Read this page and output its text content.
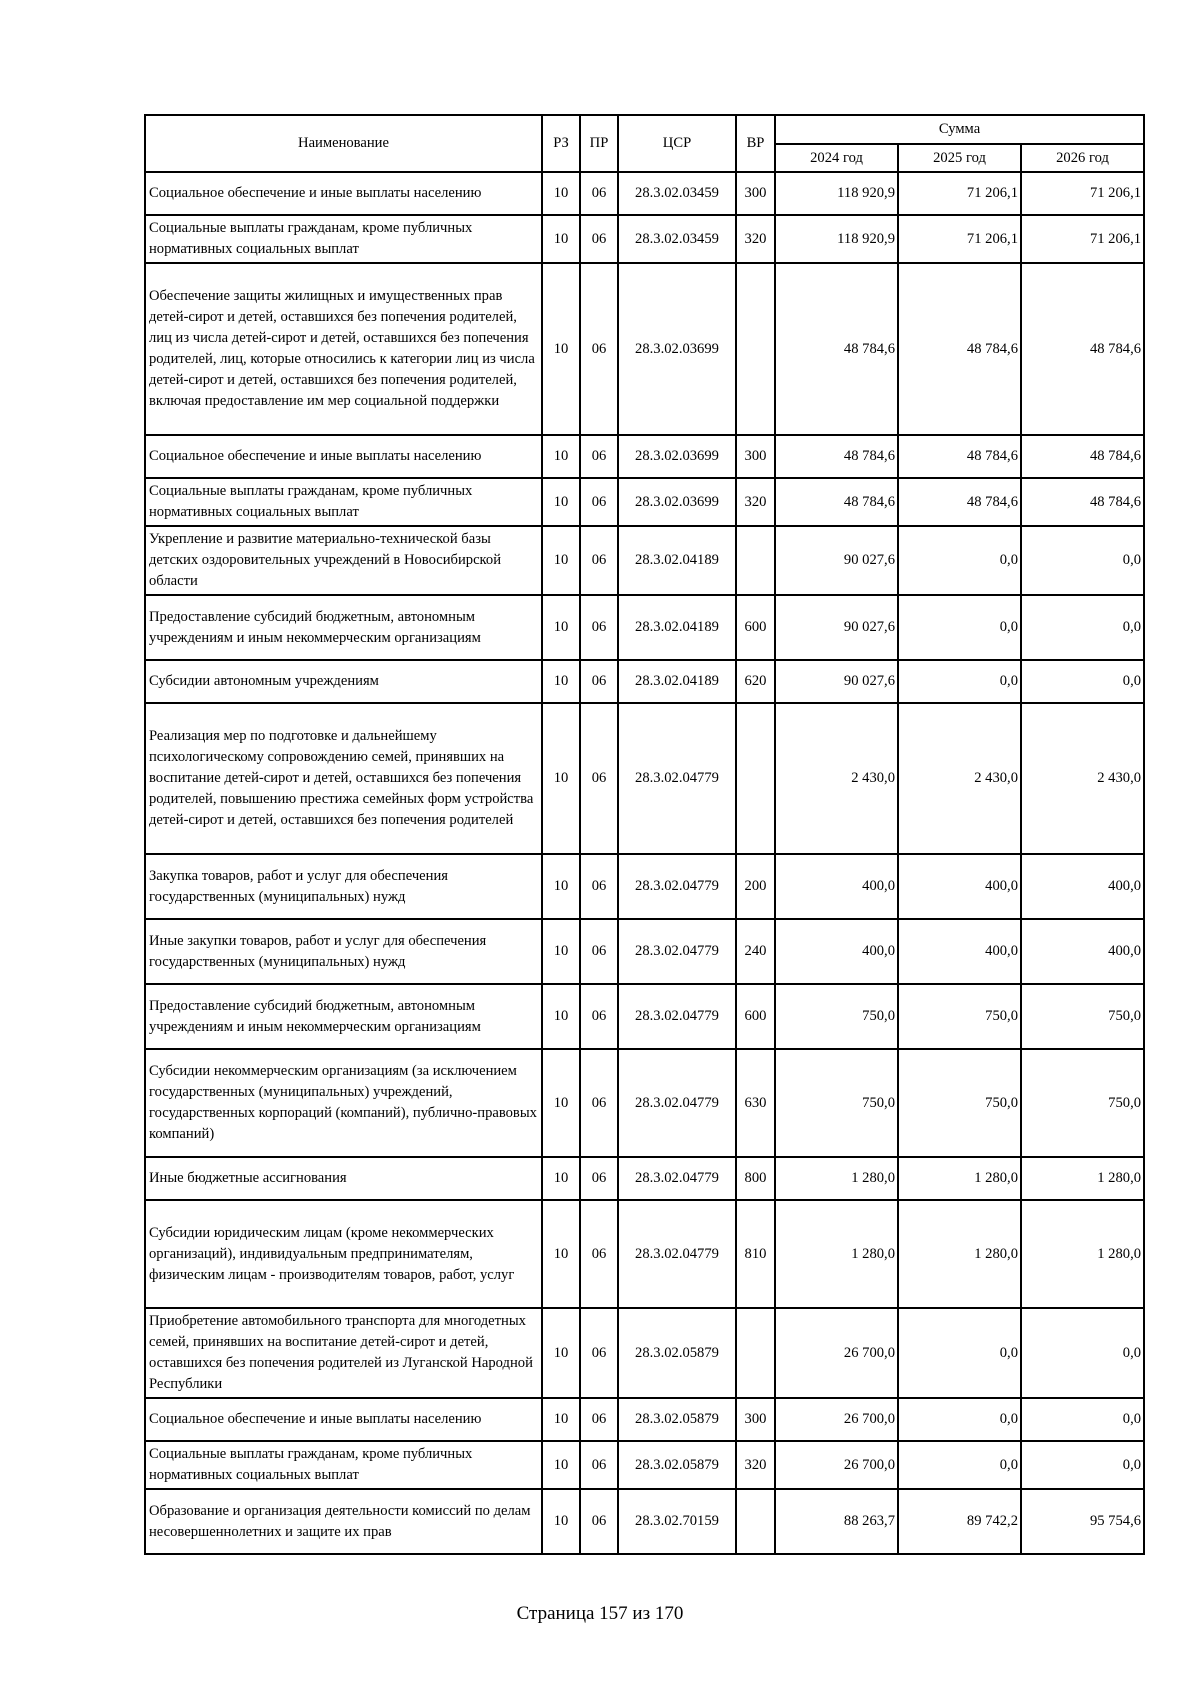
Наименование	РЗ	ПР	ЦСР	ВР	Сумма		
					2024 год	2025 год	2026 год
Социальное обеспечение и иные выплаты населению	10	06	28.3.02.03459	300	118 920,9	71 206,1	71 206,1
Социальные выплаты гражданам, кроме публичных нормативных социальных выплат	10	06	28.3.02.03459	320	118 920,9	71 206,1	71 206,1
Обеспечение защиты жилищных и имущественных прав детей-сирот и детей, оставшихся без попечения родителей, лиц из числа детей-сирот и детей, оставшихся без попечения родителей, лиц, которые относились к категории лиц из числа детей-сирот и детей, оставшихся без попечения родителей, включая предоставление им мер социальной поддержки	10	06	28.3.02.03699		48 784,6	48 784,6	48 784,6
Социальное обеспечение и иные выплаты населению	10	06	28.3.02.03699	300	48 784,6	48 784,6	48 784,6
Социальные выплаты гражданам, кроме публичных нормативных социальных выплат	10	06	28.3.02.03699	320	48 784,6	48 784,6	48 784,6
Укрепление и развитие материально-технической базы детских оздоровительных учреждений в Новосибирской области	10	06	28.3.02.04189		90 027,6	0,0	0,0
Предоставление субсидий бюджетным, автономным учреждениям и иным некоммерческим организациям	10	06	28.3.02.04189	600	90 027,6	0,0	0,0
Субсидии автономным учреждениям	10	06	28.3.02.04189	620	90 027,6	0,0	0,0
Реализация мер по подготовке и дальнейшему психологическому сопровождению семей, принявших на воспитание детей-сирот и детей, оставшихся без попечения родителей, повышению престижа семейных форм устройства детей-сирот и детей, оставшихся без попечения родителей	10	06	28.3.02.04779		2 430,0	2 430,0	2 430,0
Закупка товаров, работ и услуг для обеспечения государственных (муниципальных) нужд	10	06	28.3.02.04779	200	400,0	400,0	400,0
Иные закупки товаров, работ и услуг для обеспечения государственных (муниципальных) нужд	10	06	28.3.02.04779	240	400,0	400,0	400,0
Предоставление субсидий бюджетным, автономным учреждениям и иным некоммерческим организациям	10	06	28.3.02.04779	600	750,0	750,0	750,0
Субсидии некоммерческим организациям (за исключением государственных (муниципальных) учреждений, государственных корпораций (компаний), публично-правовых компаний)	10	06	28.3.02.04779	630	750,0	750,0	750,0
Иные бюджетные ассигнования	10	06	28.3.02.04779	800	1 280,0	1 280,0	1 280,0
Субсидии юридическим лицам (кроме некоммерческих организаций), индивидуальным предпринимателям, физическим лицам - производителям товаров, работ, услуг	10	06	28.3.02.04779	810	1 280,0	1 280,0	1 280,0
Приобретение автомобильного транспорта для многодетных семей, принявших на воспитание детей-сирот и детей, оставшихся без попечения родителей из Луганской Народной Республики	10	06	28.3.02.05879		26 700,0	0,0	0,0
Социальное обеспечение и иные выплаты населению	10	06	28.3.02.05879	300	26 700,0	0,0	0,0
Социальные выплаты гражданам, кроме публичных нормативных социальных выплат	10	06	28.3.02.05879	320	26 700,0	0,0	0,0
Образование и организация деятельности комиссий по делам несовершеннолетних и защите их прав	10	06	28.3.02.70159		88 263,7	89 742,2	95 754,6
Страница 157 из 170
